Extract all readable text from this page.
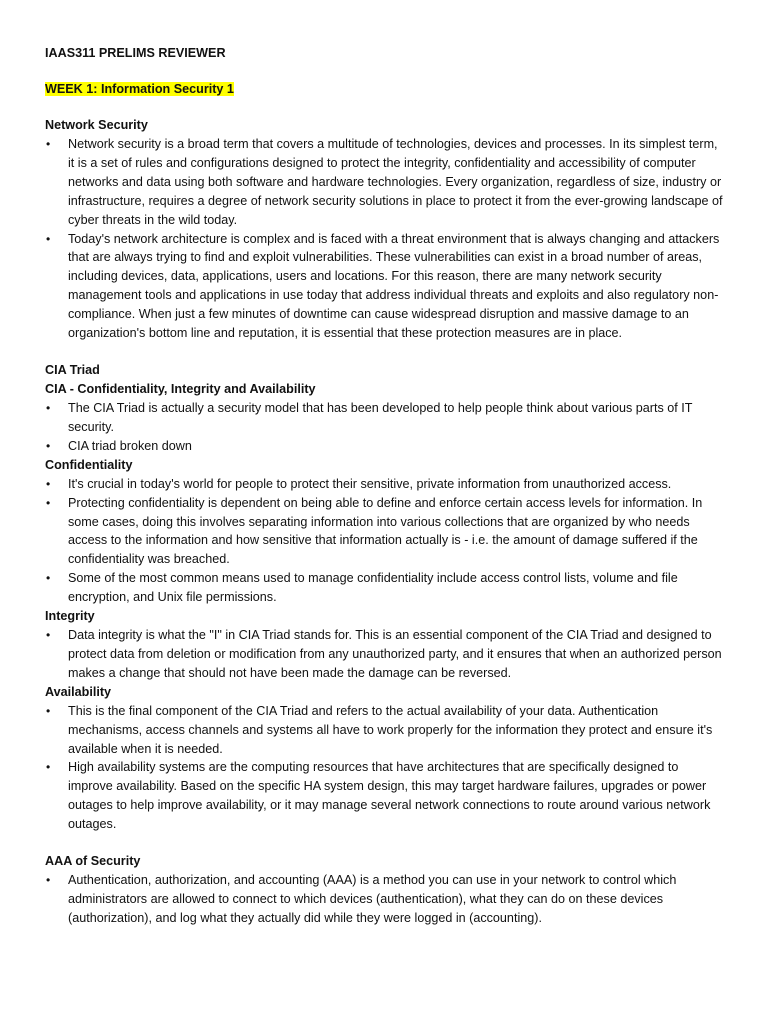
IAAS311 PRELIMS REVIEWER
WEEK 1: Information Security 1
Network Security
• Network security is a broad term that covers a multitude of technologies, devices and processes. In its simplest term, it is a set of rules and configurations designed to protect the integrity, confidentiality and accessibility of computer networks and data using both software and hardware technologies. Every organization, regardless of size, industry or infrastructure, requires a degree of network security solutions in place to protect it from the ever-growing landscape of cyber threats in the wild today.
• Today's network architecture is complex and is faced with a threat environment that is always changing and attackers that are always trying to find and exploit vulnerabilities. These vulnerabilities can exist in a broad number of areas, including devices, data, applications, users and locations. For this reason, there are many network security management tools and applications in use today that address individual threats and exploits and also regulatory non-compliance. When just a few minutes of downtime can cause widespread disruption and massive damage to an organization's bottom line and reputation, it is essential that these protection measures are in place.
CIA Triad
CIA - Confidentiality, Integrity and Availability
• The CIA Triad is actually a security model that has been developed to help people think about various parts of IT security.
• CIA triad broken down
Confidentiality
• It's crucial in today's world for people to protect their sensitive, private information from unauthorized access.
• Protecting confidentiality is dependent on being able to define and enforce certain access levels for information. In some cases, doing this involves separating information into various collections that are organized by who needs access to the information and how sensitive that information actually is - i.e. the amount of damage suffered if the confidentiality was breached.
• Some of the most common means used to manage confidentiality include access control lists, volume and file encryption, and Unix file permissions.
Integrity
• Data integrity is what the "I" in CIA Triad stands for. This is an essential component of the CIA Triad and designed to protect data from deletion or modification from any unauthorized party, and it ensures that when an authorized person makes a change that should not have been made the damage can be reversed.
Availability
• This is the final component of the CIA Triad and refers to the actual availability of your data. Authentication mechanisms, access channels and systems all have to work properly for the information they protect and ensure it's available when it is needed.
• High availability systems are the computing resources that have architectures that are specifically designed to improve availability. Based on the specific HA system design, this may target hardware failures, upgrades or power outages to help improve availability, or it may manage several network connections to route around various network outages.
AAA of Security
• Authentication, authorization, and accounting (AAA) is a method you can use in your network to control which administrators are allowed to connect to which devices (authentication), what they can do on these devices (authorization), and log what they actually did while they were logged in (accounting).
